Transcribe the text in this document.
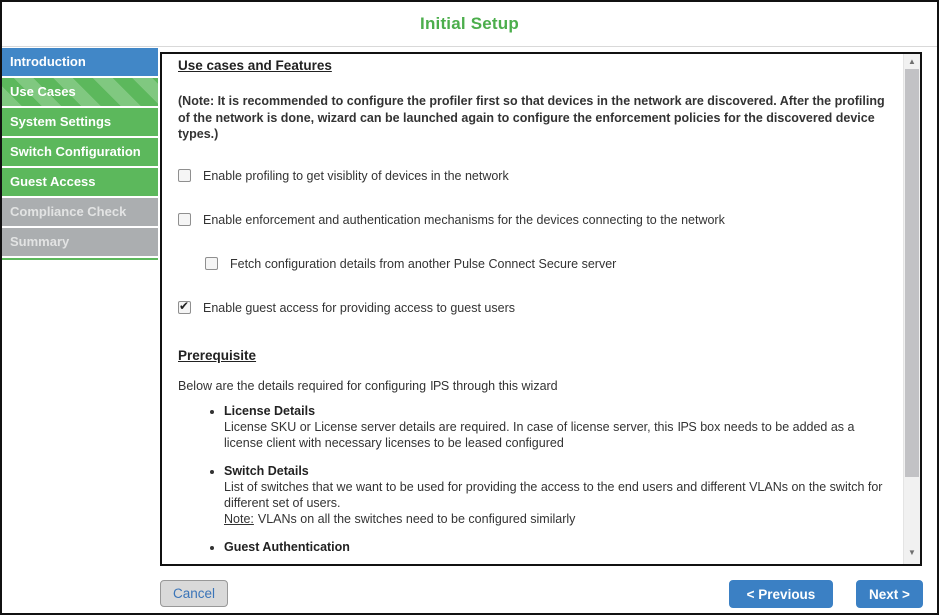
Initial Setup
Introduction
Use Cases
System Settings
Switch Configuration
Guest Access
Compliance Check
Summary
Use cases and Features

(Note: It is recommended to configure the profiler first so that devices in the network are discovered. After the profiling of the network is done, wizard can be launched again to configure the enforcement policies for the discovered device types.)

Enable profiling to get visiblity of devices in the network
Enable enforcement and authentication mechanisms for the devices connecting to the network
Fetch configuration details from another Pulse Connect Secure server
Enable guest access for providing access to guest users
Prerequisite

Below are the details required for configuring IPS through this wizard

• License Details
License SKU or License server details are required. In case of license server, this IPS box needs to be added as a license client with necessary licenses to be leased configured
• Switch Details
List of switches that we want to be used for providing the access to the end users and different VLANs on the switch for different set of users.
Note: VLANs on all the switches need to be configured similarly
• Guest Authentication
▲
▼
Cancel	< Previous	Next >
